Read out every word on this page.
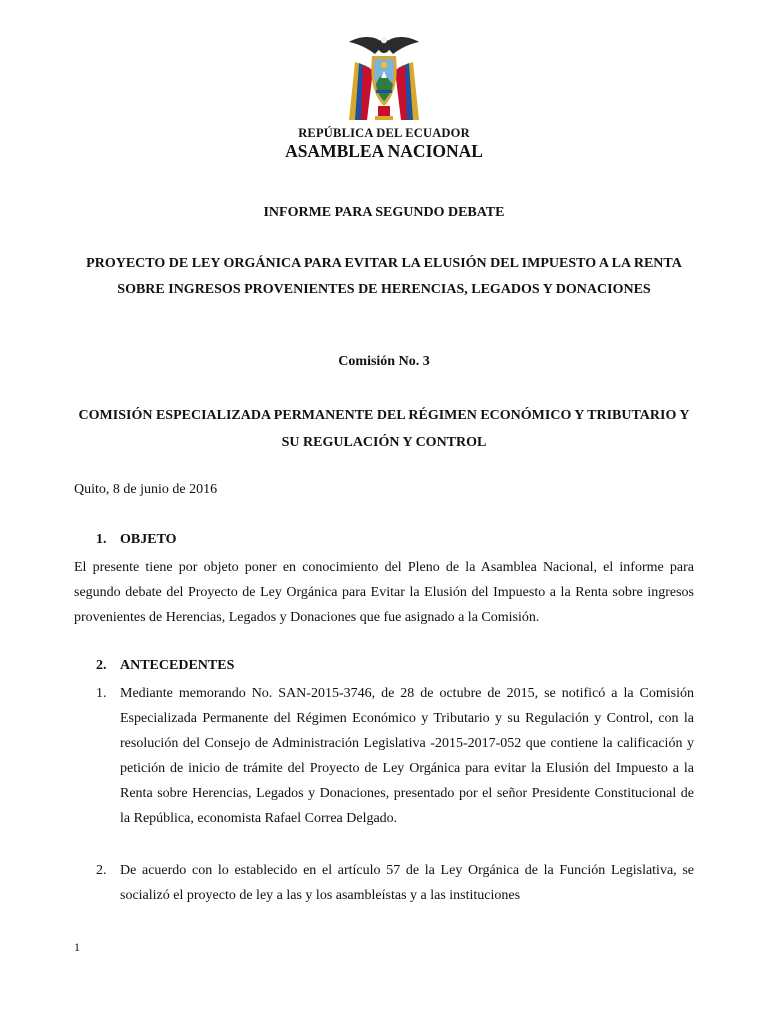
REPÚBLICA DEL ECUADOR
ASAMBLEA NACIONAL
INFORME PARA SEGUNDO DEBATE
PROYECTO DE LEY ORGÁNICA PARA EVITAR LA ELUSIÓN DEL IMPUESTO A LA RENTA SOBRE INGRESOS PROVENIENTES DE HERENCIAS, LEGADOS Y DONACIONES
Comisión No. 3
COMISIÓN ESPECIALIZADA PERMANENTE DEL RÉGIMEN ECONÓMICO Y TRIBUTARIO Y SU REGULACIÓN Y CONTROL
Quito, 8 de junio de 2016
1. OBJETO
El presente tiene por objeto poner en conocimiento del Pleno de la Asamblea Nacional, el informe para segundo debate del Proyecto de Ley Orgánica para Evitar la Elusión del Impuesto a la Renta sobre ingresos provenientes de Herencias, Legados y Donaciones que fue asignado a la Comisión.
2. ANTECEDENTES
1. Mediante memorando No. SAN-2015-3746, de 28 de octubre de 2015, se notificó a la Comisión Especializada Permanente del Régimen Económico y Tributario y su Regulación y Control, con la resolución del Consejo de Administración Legislativa -2015-2017-052 que contiene la calificación y petición de inicio de trámite del Proyecto de Ley Orgánica para evitar la Elusión del Impuesto a la Renta sobre Herencias, Legados y Donaciones, presentado por el señor Presidente Constitucional de la República, economista Rafael Correa Delgado.
2. De acuerdo con lo establecido en el artículo 57 de la Ley Orgánica de la Función Legislativa, se socializó el proyecto de ley a las y los asambleístas y a las instituciones
1
